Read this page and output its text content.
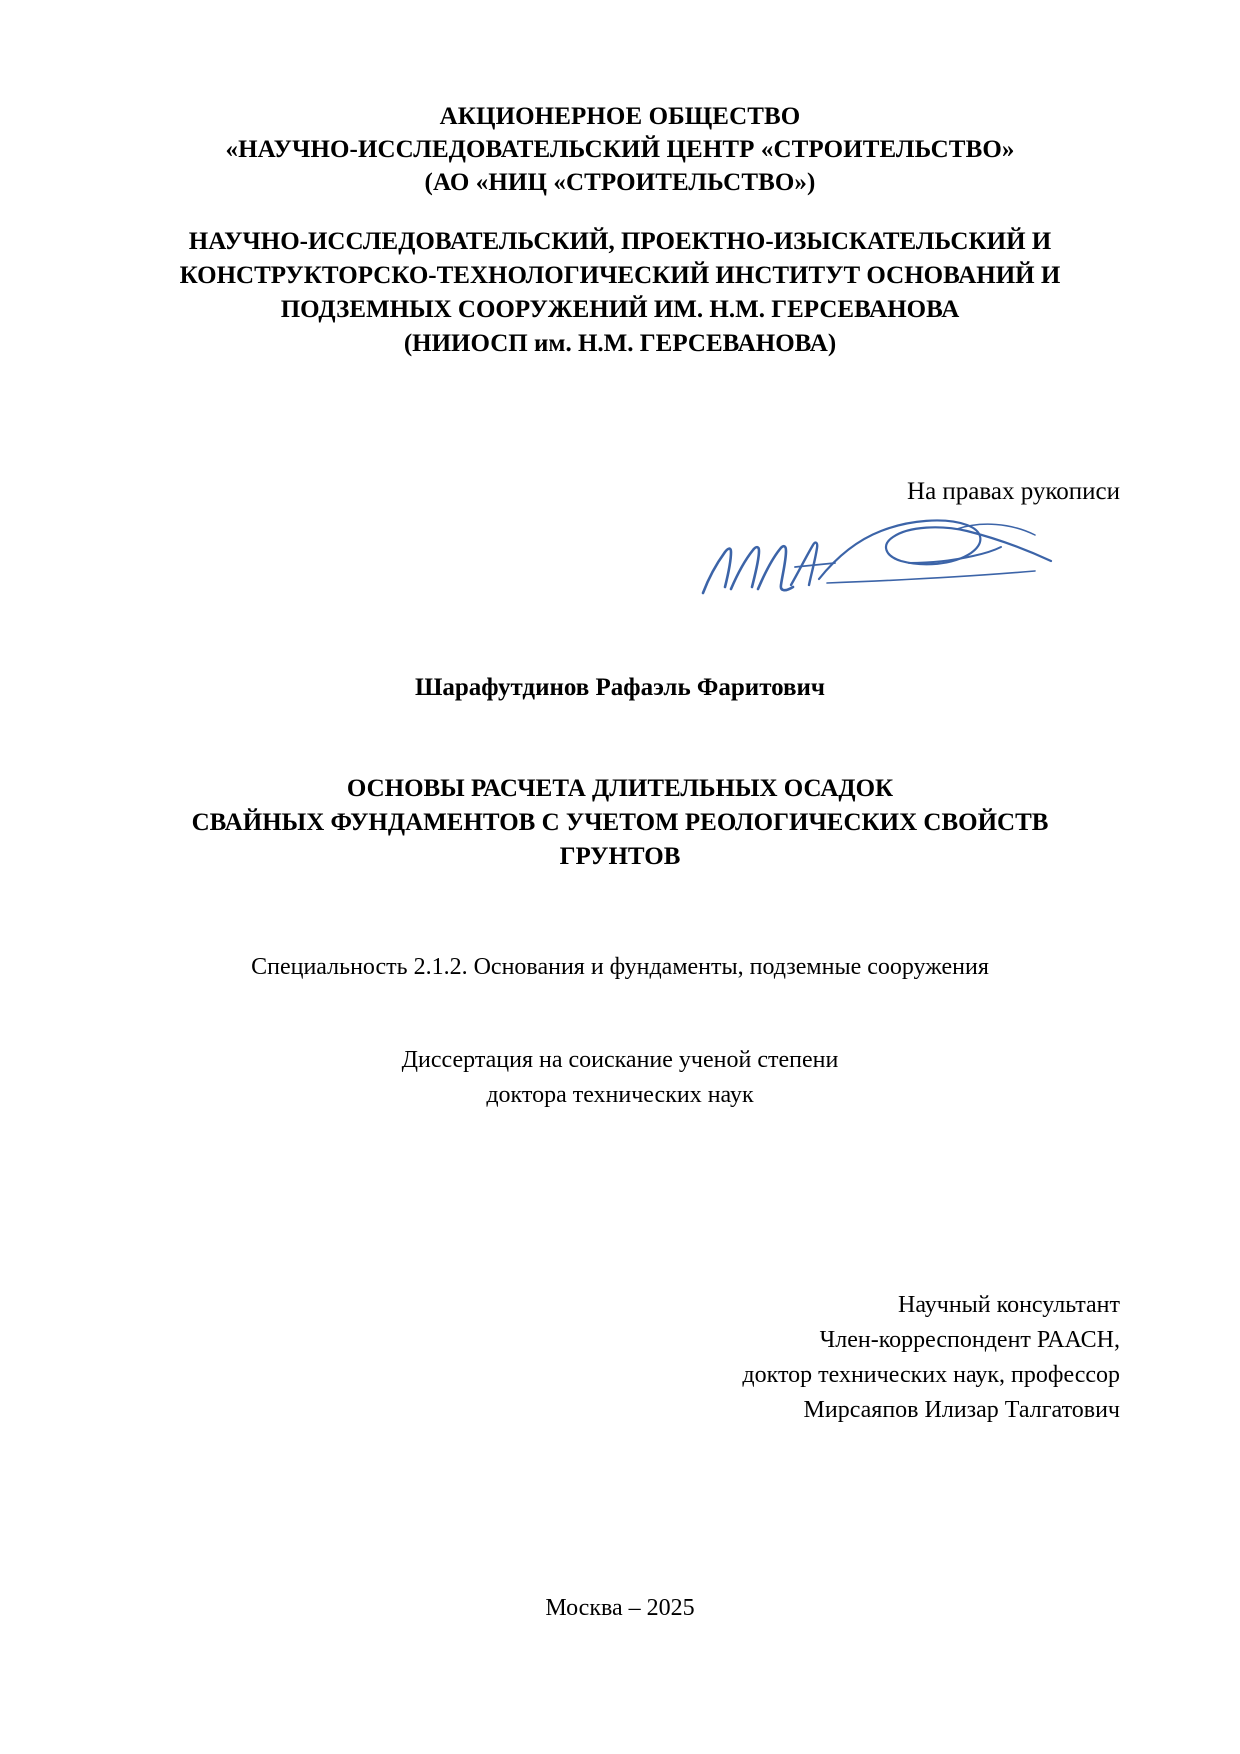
АКЦИОНЕРНОЕ ОБЩЕСТВО
«НАУЧНО-ИССЛЕДОВАТЕЛЬСКИЙ ЦЕНТР «СТРОИТЕЛЬСТВО»
(АО «НИЦ «СТРОИТЕЛЬСТВО»)
НАУЧНО-ИССЛЕДОВАТЕЛЬСКИЙ, ПРОЕКТНО-ИЗЫСКАТЕЛЬСКИЙ И
КОНСТРУКТОРСКО-ТЕХНОЛОГИЧЕСКИЙ ИНСТИТУТ ОСНОВАНИЙ И
ПОДЗЕМНЫХ СООРУЖЕНИЙ ИМ. Н.М. ГЕРСЕВАНОВА
(НИИОСП им. Н.М. ГЕРСЕВАНОВА)
На правах рукописи
Шарафутдинов Рафаэль Фаритович
ОСНОВЫ РАСЧЕТА ДЛИТЕЛЬНЫХ ОСАДОК
СВАЙНЫХ ФУНДАМЕНТОВ С УЧЕТОМ РЕОЛОГИЧЕСКИХ СВОЙСТВ
ГРУНТОВ
Специальность 2.1.2. Основания и фундаменты, подземные сооружения
Диссертация на соискание ученой степени
доктора технических наук
Научный консультант
Член-корреспондент РААСН,
доктор технических наук, профессор
Мирсаяпов Илизар Талгатович
Москва – 2025
